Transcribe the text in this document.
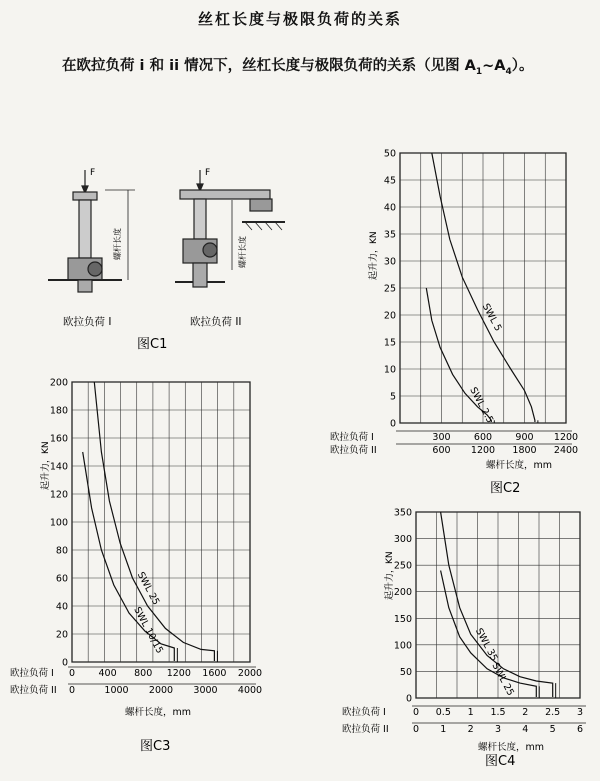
丝杠长度与极限负荷的关系
在欧拉负荷 i 和 ii 情况下，丝杠长度与极限负荷的关系（见图 $A_1\sim A_4$）。
F	F
螺杆长度	螺杆长度
欧拉负荷 I	欧拉负荷 II
图C1
0
5
10
15
20
25
30
35
40
45
50
300 600 900 1200
600 1200 1800 2400
欧拉负荷 I
欧拉负荷 II
起升力，KN
螺杆长度，mm
图C2
SWL 5
SWL 2.5
0
20
40
60
80
100
120
140
160
180
200
0 400 800 1200 1600 2000
0	1000 2000 3000 4000
欧拉负荷 I
欧拉负荷 II
起升力，KN
螺杆长度，mm
图C3
SWL 25
SWL 10/15
0
50
100
150
200
250
300
350
0 0.5 1 1.5 2 2.5 3
0 1 2 3 4 5 6
欧拉负荷 I
欧拉负荷 II
起升力，KN
螺杆长度，mm
图C4
SWL 35
SWL 25
